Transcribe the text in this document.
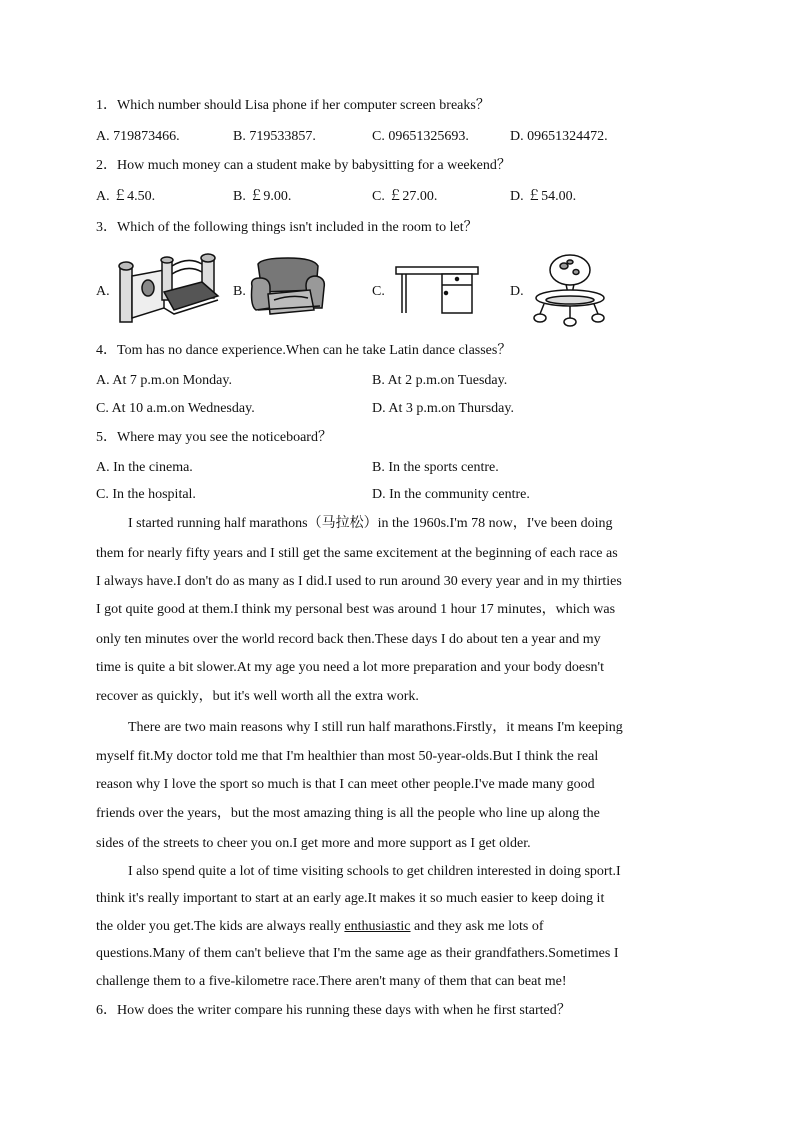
1．Which number should Lisa phone if her computer screen breaks？
A. 719873466.	B. 719533857.	C. 09651325693.	D. 09651324472.
2．How much money can a student make by babysitting for a weekend？
A. ￡4.50.	B. ￡9.00.	C. ￡27.00.	D. ￡54.00.
3．Which of the following things isn't included in the room to let？
A.	B.	C.	D.
4．Tom has no dance experience.When can he take Latin dance classes？
A. At 7 p.m.on Monday.	B. At 2 p.m.on Tuesday.
C. At 10 a.m.on Wednesday.	D. At 3 p.m.on Thursday.
5．Where may you see the noticeboard？
A. In the cinema.	B. In the sports centre.
C. In the hospital.	D. In the community centre.
I started running half marathons（马拉松）in the 1960s.I'm 78 now，I've been doing
them for nearly fifty years and I still get the same excitement at the beginning of each race as
I always have.I don't do as many as I did.I used to run around 30 every year and in my thirties
I got quite good at them.I think my personal best was around 1 hour 17 minutes，which was
only ten minutes over the world record back then.These days I do about ten a year and my
time is quite a bit slower.At my age you need a lot more preparation and your body doesn't
recover as quickly，but it's well worth all the extra work.
There are two main reasons why I still run half marathons.Firstly，it means I'm keeping
myself fit.My doctor told me that I'm healthier than most 50-year-olds.But I think the real
reason why I love the sport so much is that I can meet other people.I've made many good
friends over the years，but the most amazing thing is all the people who line up along the
sides of the streets to cheer you on.I get more and more support as I get older.
I also spend quite a lot of time visiting schools to get children interested in doing sport.I
think it's really important to start at an early age.It makes it so much easier to keep doing it
the older you get.The kids are always really enthusiastic and they ask me lots of
questions.Many of them can't believe that I'm the same age as their grandfathers.Sometimes I
challenge them to a five-kilometre race.There aren't many of them that can beat me!
6．How does the writer compare his running these days with when he first started？
